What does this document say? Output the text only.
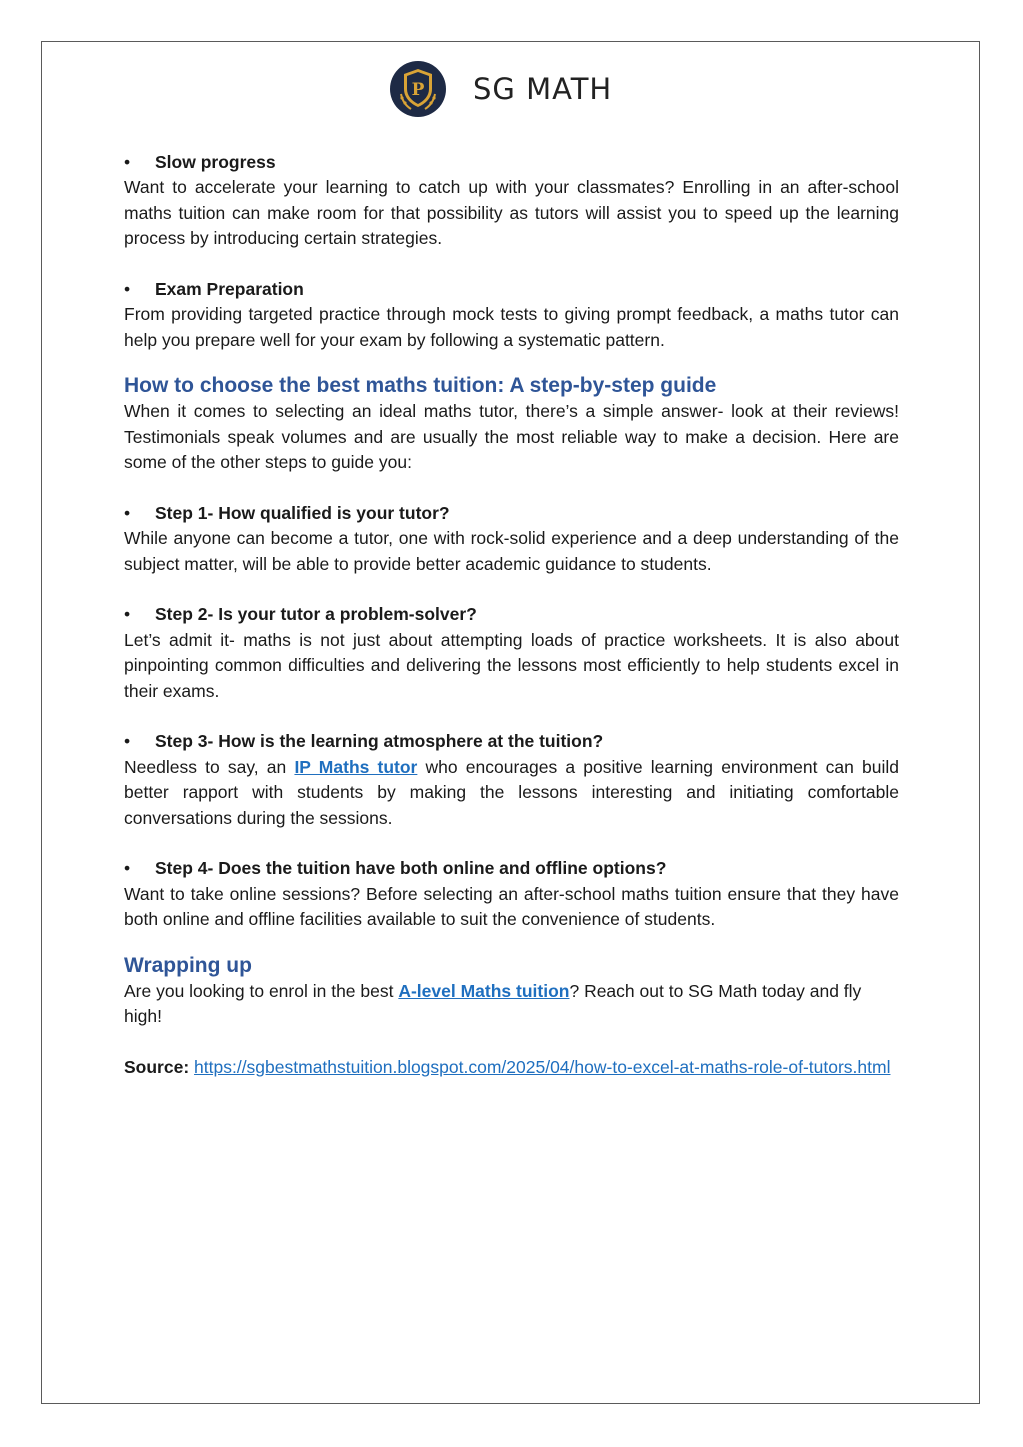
P SG MATH
•	Slow progress

Want to accelerate your learning to catch up with your classmates? Enrolling in an after-school maths tuition can make room for that possibility as tutors will assist you to speed up the learning process by introducing certain strategies.

•	Exam Preparation

From providing targeted practice through mock tests to giving prompt feedback, a maths tutor can help you prepare well for your exam by following a systematic pattern.

How to choose the best maths tuition: A step-by-step guide

When it comes to selecting an ideal maths tutor, there’s a simple answer- look at their reviews! Testimonials speak volumes and are usually the most reliable way to make a decision. Here are some of the other steps to guide you:

•	Step 1- How qualified is your tutor?

While anyone can become a tutor, one with rock-solid experience and a deep understanding of the subject matter, will be able to provide better academic guidance to students.

•	Step 2- Is your tutor a problem-solver?

Let’s admit it- maths is not just about attempting loads of practice worksheets. It is also about pinpointing common difficulties and delivering the lessons most efficiently to help students excel in their exams.

•	Step 3- How is the learning atmosphere at the tuition?

Needless to say, an IP Maths tutor who encourages a positive learning environment can build better rapport with students by making the lessons interesting and initiating comfortable conversations during the sessions.

•	Step 4- Does the tuition have both online and offline options?

Want to take online sessions? Before selecting an after-school maths tuition ensure that they have both online and offline facilities available to suit the convenience of students.

Wrapping up

Are you looking to enrol in the best A-level Maths tuition? Reach out to SG Math today and fly high!

Source: https://sgbestmathstuition.blogspot.com/2025/04/how-to-excel-at-maths-role-of-tutors.html
